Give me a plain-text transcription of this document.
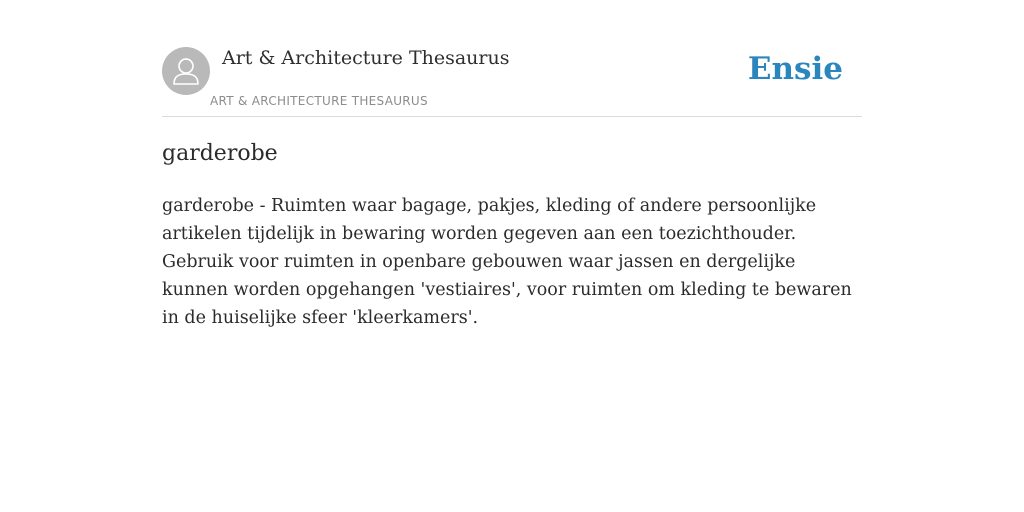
Art & Architecture Thesaurus
ART & ARCHITECTURE THESAURUS
Ensie
garderobe

garderobe - Ruimten waar bagage, pakjes, kleding of andere persoonlijke artikelen tijdelijk in bewaring worden gegeven aan een toezichthouder. Gebruik voor ruimten in openbare gebouwen waar jassen en dergelijke kunnen worden opgehangen 'vestiaires', voor ruimten om kleding te bewaren in de huiselijke sfeer 'kleerkamers'.
